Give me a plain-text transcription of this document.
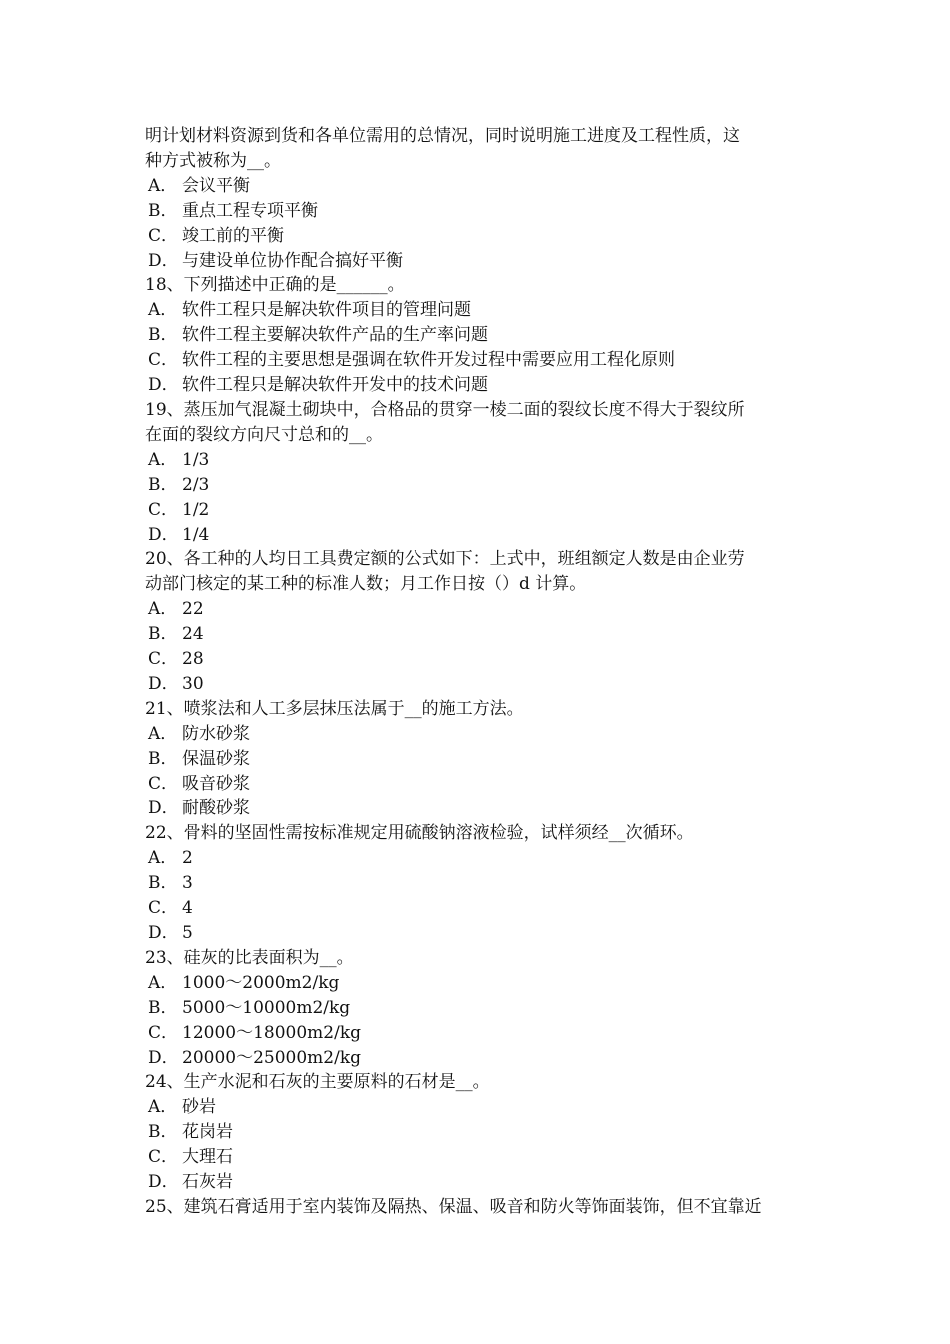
明计划材料资源到货和各单位需用的总情况，同时说明施工进度及工程性质，这
种方式被称为__。
A． 会议平衡
B． 重点工程专项平衡
C． 竣工前的平衡
D． 与建设单位协作配合搞好平衡
18、下列描述中正确的是______。
A． 软件工程只是解决软件项目的管理问题
B． 软件工程主要解决软件产品的生产率问题
C． 软件工程的主要思想是强调在软件开发过程中需要应用工程化原则
D． 软件工程只是解决软件开发中的技术问题
19、蒸压加气混凝土砌块中，合格品的贯穿一棱二面的裂纹长度不得大于裂纹所
在面的裂纹方向尺寸总和的__。
A． 1/3
B． 2/3
C． 1/2
D． 1/4
20、各工种的人均日工具费定额的公式如下：上式中，班组额定人数是由企业劳
动部门核定的某工种的标准人数；月工作日按（）d 计算。
A． 22
B． 24
C． 28
D． 30
21、喷浆法和人工多层抹压法属于__的施工方法。
A． 防水砂浆
B． 保温砂浆
C． 吸音砂浆
D． 耐酸砂浆
22、骨料的坚固性需按标准规定用硫酸钠溶液检验，试样须经__次循环。
A． 2
B． 3
C． 4
D． 5
23、硅灰的比表面积为__。
A． 1000～2000m2/kg
B． 5000～10000m2/kg
C． 12000～18000m2/kg
D． 20000～25000m2/kg
24、生产水泥和石灰的主要原料的石材是__。
A． 砂岩
B． 花岗岩
C． 大理石
D． 石灰岩
25、建筑石膏适用于室内装饰及隔热、保温、吸音和防火等饰面装饰，但不宜靠近
